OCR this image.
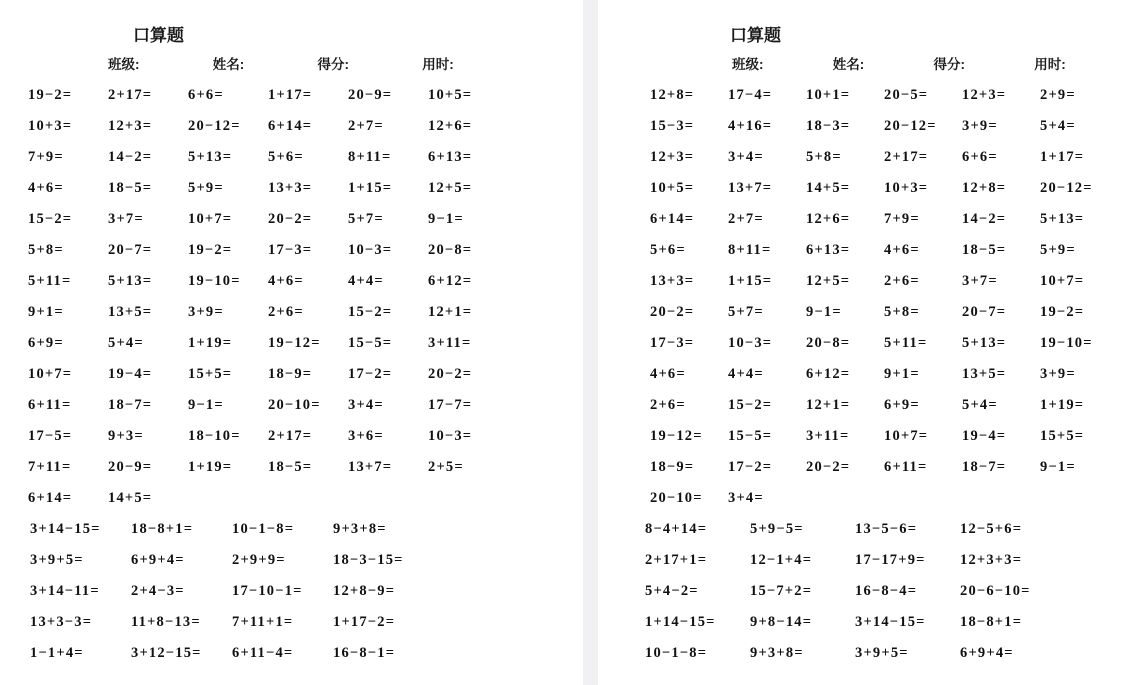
口算题
班级:	姓名:	得分:	用时:
19−2=	2+17=	6+6=	1+17=	20−9=	10+5=
10+3=	12+3=	20−12=	6+14=	2+7=	12+6=
7+9=	14−2=	5+13=	5+6=	8+11=	6+13=
4+6=	18−5=	5+9=	13+3=	1+15=	12+5=
15−2=	3+7=	10+7=	20−2=	5+7=	9−1=
5+8=	20−7=	19−2=	17−3=	10−3=	20−8=
5+11=	5+13=	19−10=	4+6=	4+4=	6+12=
9+1=	13+5=	3+9=	2+6=	15−2=	12+1=
6+9=	5+4=	1+19=	19−12=	15−5=	3+11=
10+7=	19−4=	15+5=	18−9=	17−2=	20−2=
6+11=	18−7=	9−1=	20−10=	3+4=	17−7=
17−5=	9+3=	18−10=	2+17=	3+6=	10−3=
7+11=	20−9=	1+19=	18−5=	13+7=	2+5=
6+14=	14+5=
3+14−15=	18−8+1=	10−1−8=	9+3+8=
3+9+5=	6+9+4=	2+9+9=	18−3−15=
3+14−11=	2+4−3=	17−10−1=	12+8−9=
13+3−3=	11+8−13=	7+11+1=	1+17−2=
1−1+4=	3+12−15=	6+11−4=	16−8−1=
口算题
班级:	姓名:	得分:	用时:
12+8=	17−4=	10+1=	20−5=	12+3=	2+9=
15−3=	4+16=	18−3=	20−12=	3+9=	5+4=
12+3=	3+4=	5+8=	2+17=	6+6=	1+17=
10+5=	13+7=	14+5=	10+3=	12+8=	20−12=
6+14=	2+7=	12+6=	7+9=	14−2=	5+13=
5+6=	8+11=	6+13=	4+6=	18−5=	5+9=
13+3=	1+15=	12+5=	2+6=	3+7=	10+7=
20−2=	5+7=	9−1=	5+8=	20−7=	19−2=
17−3=	10−3=	20−8=	5+11=	5+13=	19−10=
4+6=	4+4=	6+12=	9+1=	13+5=	3+9=
2+6=	15−2=	12+1=	6+9=	5+4=	1+19=
19−12=	15−5=	3+11=	10+7=	19−4=	15+5=
18−9=	17−2=	20−2=	6+11=	18−7=	9−1=
20−10=	3+4=
8−4+14=	5+9−5=	13−5−6=	12−5+6=
2+17+1=	12−1+4=	17−17+9=	12+3+3=
5+4−2=	15−7+2=	16−8−4=	20−6−10=
1+14−15=	9+8−14=	3+14−15=	18−8+1=
10−1−8=	9+3+8=	3+9+5=	6+9+4=
